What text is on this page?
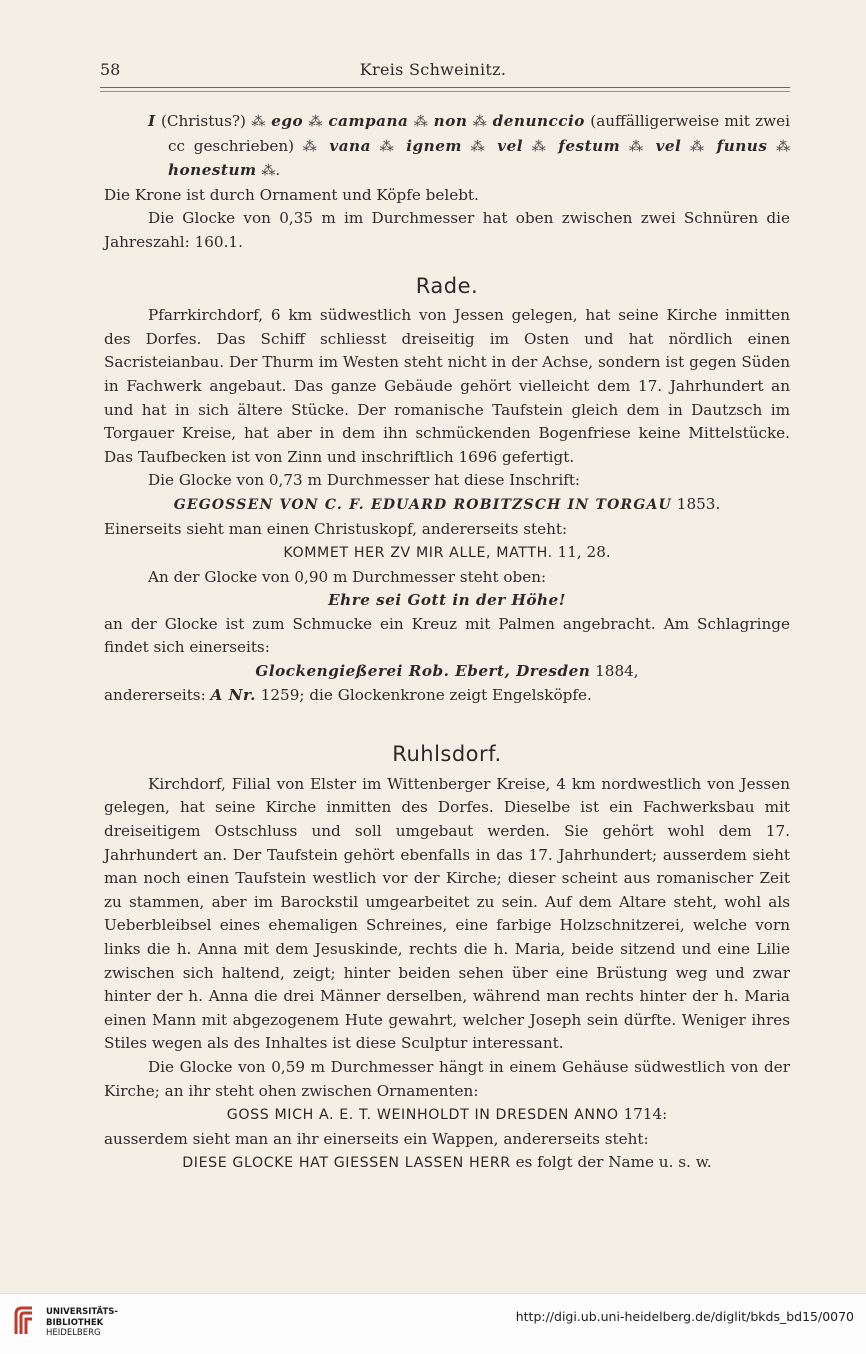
58	Kreis Schweinitz.

I (Christus?) ⁂ ego ⁂ campana ⁂ non ⁂ denunccio (auffälligerweise mit zwei cc geschrieben) ⁂ vana ⁂ ignem ⁂ vel ⁂ festum ⁂ vel ⁂ funus ⁂ honestum ⁂.

Die Krone ist durch Ornament und Köpfe belebt.

Die Glocke von 0,35 m im Durchmesser hat oben zwischen zwei Schnüren die Jahreszahl: 160.1.

Rade.

Pfarrkirchdorf, 6 km südwestlich von Jessen gelegen, hat seine Kirche inmitten des Dorfes. Das Schiff schliesst dreiseitig im Osten und hat nördlich einen Sacristeianbau. Der Thurm im Westen steht nicht in der Achse, sondern ist gegen Süden in Fachwerk angebaut. Das ganze Gebäude gehört vielleicht dem 17. Jahrhundert an und hat in sich ältere Stücke. Der romanische Taufstein gleich dem in Dautzsch im Torgauer Kreise, hat aber in dem ihn schmückenden Bogenfriese keine Mittelstücke. Das Taufbecken ist von Zinn und inschriftlich 1696 gefertigt.

Die Glocke von 0,73 m Durchmesser hat diese Inschrift:

GEGOSSEN VON C. F. EDUARD ROBITZSCH IN TORGAU 1853.

Einerseits sieht man einen Christuskopf, andererseits steht:

KOMMET HER ZV MIR ALLE, MATTH. 11, 28.

An der Glocke von 0,90 m Durchmesser steht oben:

Ehre sei Gott in der Höhe!

an der Glocke ist zum Schmucke ein Kreuz mit Palmen angebracht. Am Schlagringe findet sich einerseits:

Glockengießerei Rob. Ebert, Dresden 1884,

andererseits: A Nr. 1259; die Glockenkrone zeigt Engelsköpfe.

Ruhlsdorf.

Kirchdorf, Filial von Elster im Wittenberger Kreise, 4 km nordwestlich von Jessen gelegen, hat seine Kirche inmitten des Dorfes. Dieselbe ist ein Fachwerksbau mit dreiseitigem Ostschluss und soll umgebaut werden. Sie gehört wohl dem 17. Jahrhundert an. Der Taufstein gehört ebenfalls in das 17. Jahrhundert; ausserdem sieht man noch einen Taufstein westlich vor der Kirche; dieser scheint aus romanischer Zeit zu stammen, aber im Barockstil umgearbeitet zu sein. Auf dem Altare steht, wohl als Ueberbleibsel eines ehemaligen Schreines, eine farbige Holzschnitzerei, welche vorn links die h. Anna mit dem Jesuskinde, rechts die h. Maria, beide sitzend und eine Lilie zwischen sich haltend, zeigt; hinter beiden sehen über eine Brüstung weg und zwar hinter der h. Anna die drei Männer derselben, während man rechts hinter der h. Maria einen Mann mit abgezogenem Hute gewahrt, welcher Joseph sein dürfte. Weniger ihres Stiles wegen als des Inhaltes ist diese Sculptur interessant.

Die Glocke von 0,59 m Durchmesser hängt in einem Gehäuse südwestlich von der Kirche; an ihr steht ohen zwischen Ornamenten:

GOSS MICH A. E. T. WEINHOLDT IN DRESDEN ANNO 1714:

ausserdem sieht man an ihr einerseits ein Wappen, andererseits steht:

DIESE GLOCKE HAT GIESSEN LASSEN HERR es folgt der Name u. s. w.

UNIVERSITÄTS-
BIBLIOTHEK
HEIDELBERG
http://digi.ub.uni-heidelberg.de/diglit/bkds_bd15/0070
